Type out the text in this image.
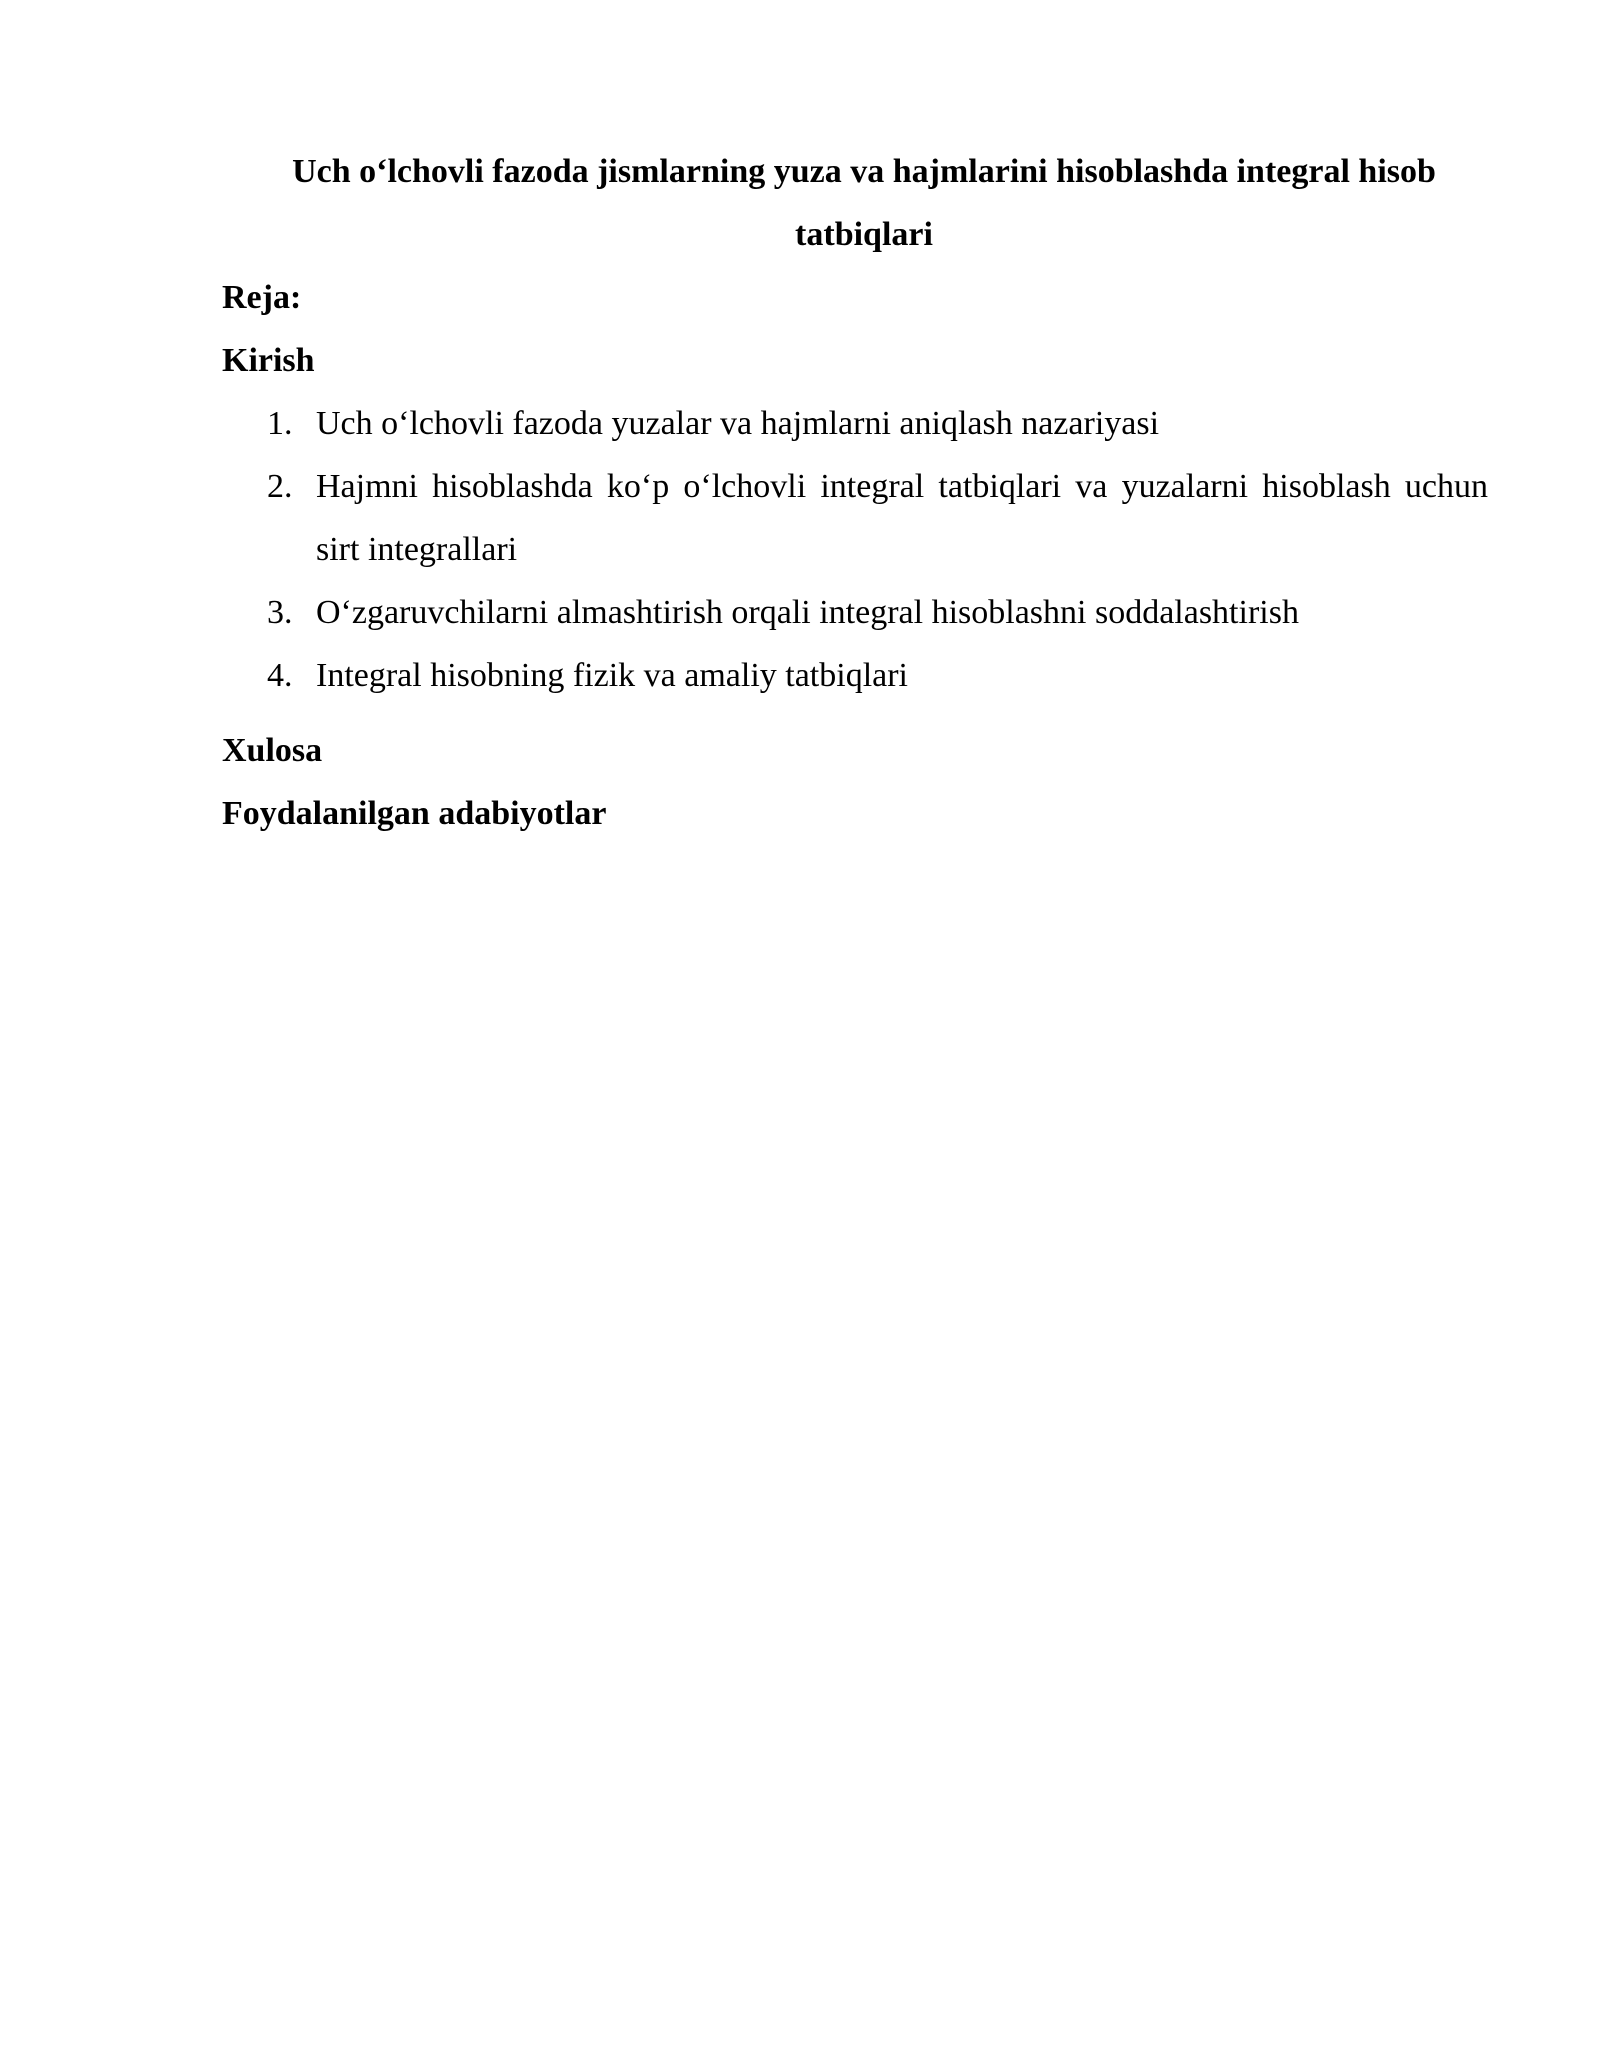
Uch o‘lchovli fazoda jismlarning yuza va hajmlarini hisoblashda integral hisob tatbiqlari
Reja:
Kirish
1. Uch o‘lchovli fazoda yuzalar va hajmlarni aniqlash nazariyasi
2. Hajmni hisoblashda ko‘p o‘lchovli integral tatbiqlari va yuzalarni hisoblash uchun sirt integrallari
3. O‘zgaruvchilarni almashtirish orqali integral hisoblashni soddalashtirish
4. Integral hisobning fizik va amaliy tatbiqlari
Xulosa
Foydalanilgan adabiyotlar
